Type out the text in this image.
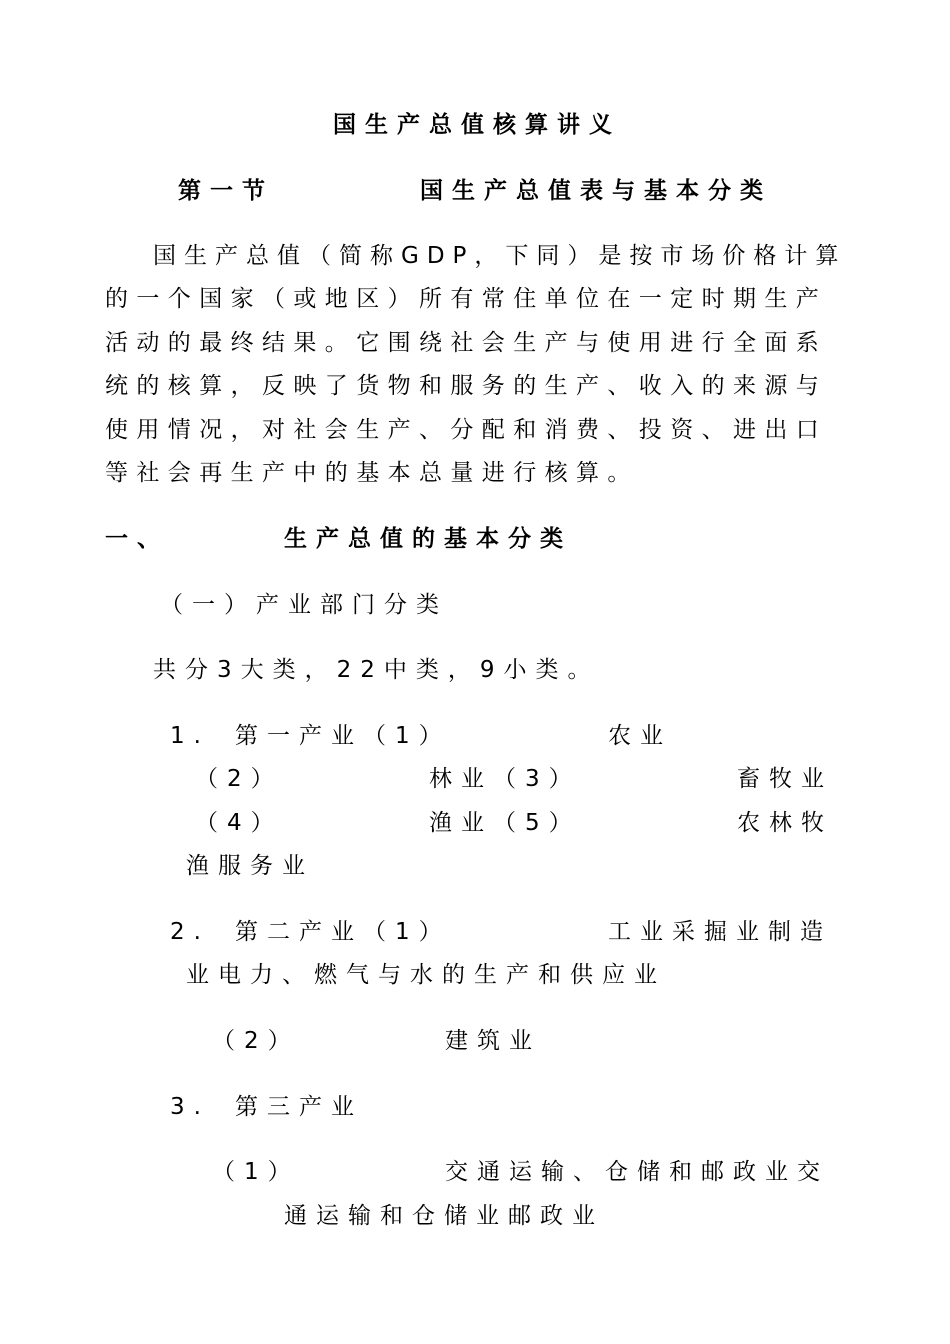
国生产总值核算讲义
第一节	国生产总值表与基本分类
国生产总值（简称GDP，下同）是按市场价格计算
的一个国家（或地区）所有常住单位在一定时期生产
活动的最终结果。它围绕社会生产与使用进行全面系
统的核算，反映了货物和服务的生产、收入的来源与
使用情况，对社会生产、分配和消费、投资、进出口
等社会再生产中的基本总量进行核算。
一、	生产总值的基本分类
（一）产业部门分类
共分3大类，22中类，9小类。
1. 第一产业（1）	农业
（2）	林业（3）	畜牧业
（4）	渔业（5）	农林牧
渔服务业
2. 第二产业（1）	工业采掘业制造
业电力、燃气与水的生产和供应业
（2）	建筑业
3. 第三产业
（1）	交通运输、仓储和邮政业交
通运输和仓储业邮政业
